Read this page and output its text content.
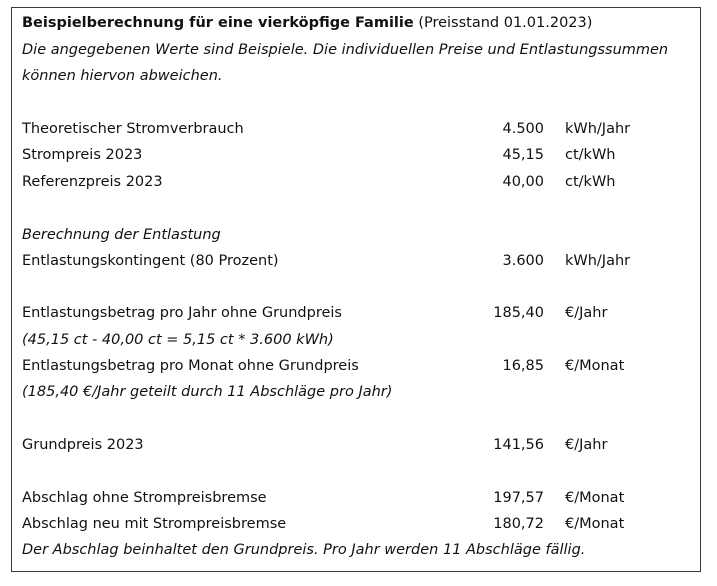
Beispielberechnung für eine vierköpfige Familie (Preisstand 01.01.2023)
Die angegebenen Werte sind Beispiele. Die individuellen Preise und Entlastungssummen
können hiervon abweichen.
Theoretischer Stromverbrauch	4.500 kWh/Jahr
Strompreis 2023	45,15 ct/kWh
Referenzpreis 2023	40,00 ct/kWh
Berechnung der Entlastung
Entlastungskontingent (80 Prozent)	3.600 kWh/Jahr
Entlastungsbetrag pro Jahr ohne Grundpreis	185,40 €/Jahr
(45,15 ct - 40,00 ct = 5,15 ct * 3.600 kWh)
Entlastungsbetrag pro Monat ohne Grundpreis	16,85 €/Monat
(185,40 €/Jahr geteilt durch 11 Abschläge pro Jahr)
Grundpreis 2023	141,56 €/Jahr
Abschlag ohne Strompreisbremse	197,57 €/Monat
Abschlag neu mit Strompreisbremse	180,72 €/Monat
Der Abschlag beinhaltet den Grundpreis. Pro Jahr werden 11 Abschläge fällig.
